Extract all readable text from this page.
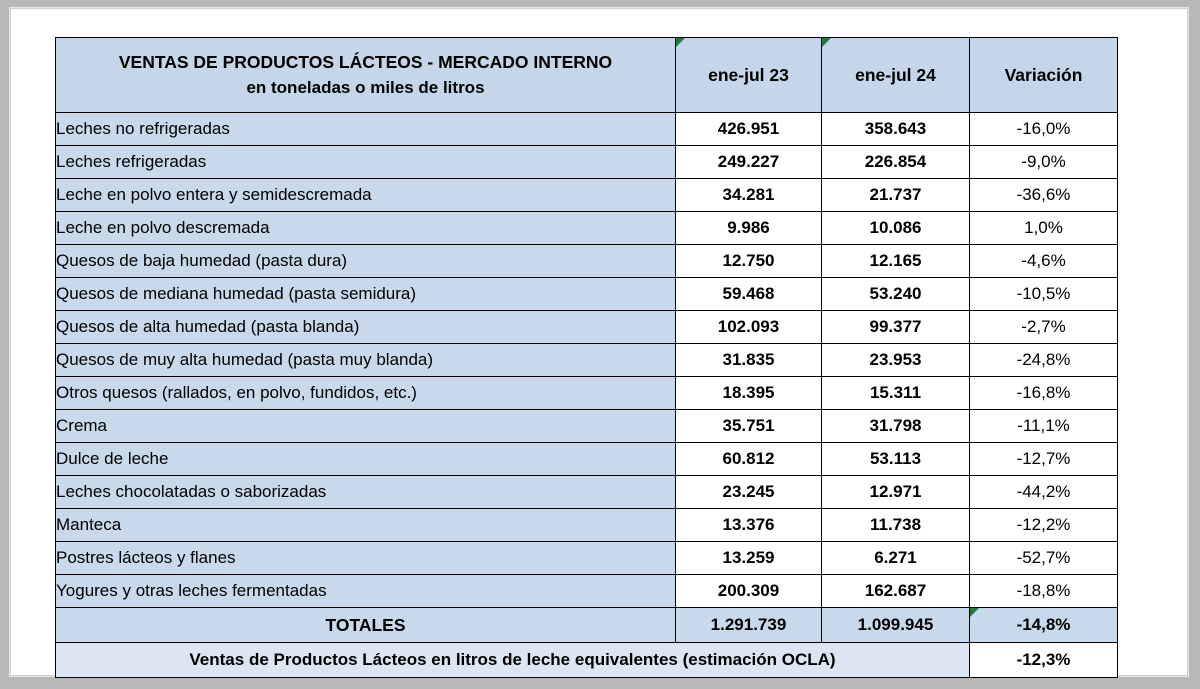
VENTAS DE PRODUCTOS LÁCTEOS - MERCADO INTERNO
en toneladas o miles de litros	ene-jul 23	ene-jul 24	Variación
Leches no refrigeradas	426.951	358.643	-16,0%
Leches refrigeradas	249.227	226.854	-9,0%
Leche en polvo entera y semidescremada	34.281	21.737	-36,6%
Leche en polvo descremada	9.986	10.086	1,0%
Quesos de baja humedad (pasta dura)	12.750	12.165	-4,6%
Quesos de mediana humedad (pasta semidura)	59.468	53.240	-10,5%
Quesos de alta humedad (pasta blanda)	102.093	99.377	-2,7%
Quesos de muy alta humedad (pasta muy blanda)	31.835	23.953	-24,8%
Otros quesos (rallados, en polvo, fundidos, etc.)	18.395	15.311	-16,8%
Crema	35.751	31.798	-11,1%
Dulce de leche	60.812	53.113	-12,7%
Leches chocolatadas o saborizadas	23.245	12.971	-44,2%
Manteca	13.376	11.738	-12,2%
Postres lácteos y flanes	13.259	6.271	-52,7%
Yogures y otras leches fermentadas	200.309	162.687	-18,8%
TOTALES	1.291.739	1.099.945	-14,8%
Ventas de Productos Lácteos en litros de leche equivalentes (estimación OCLA)			-12,3%
